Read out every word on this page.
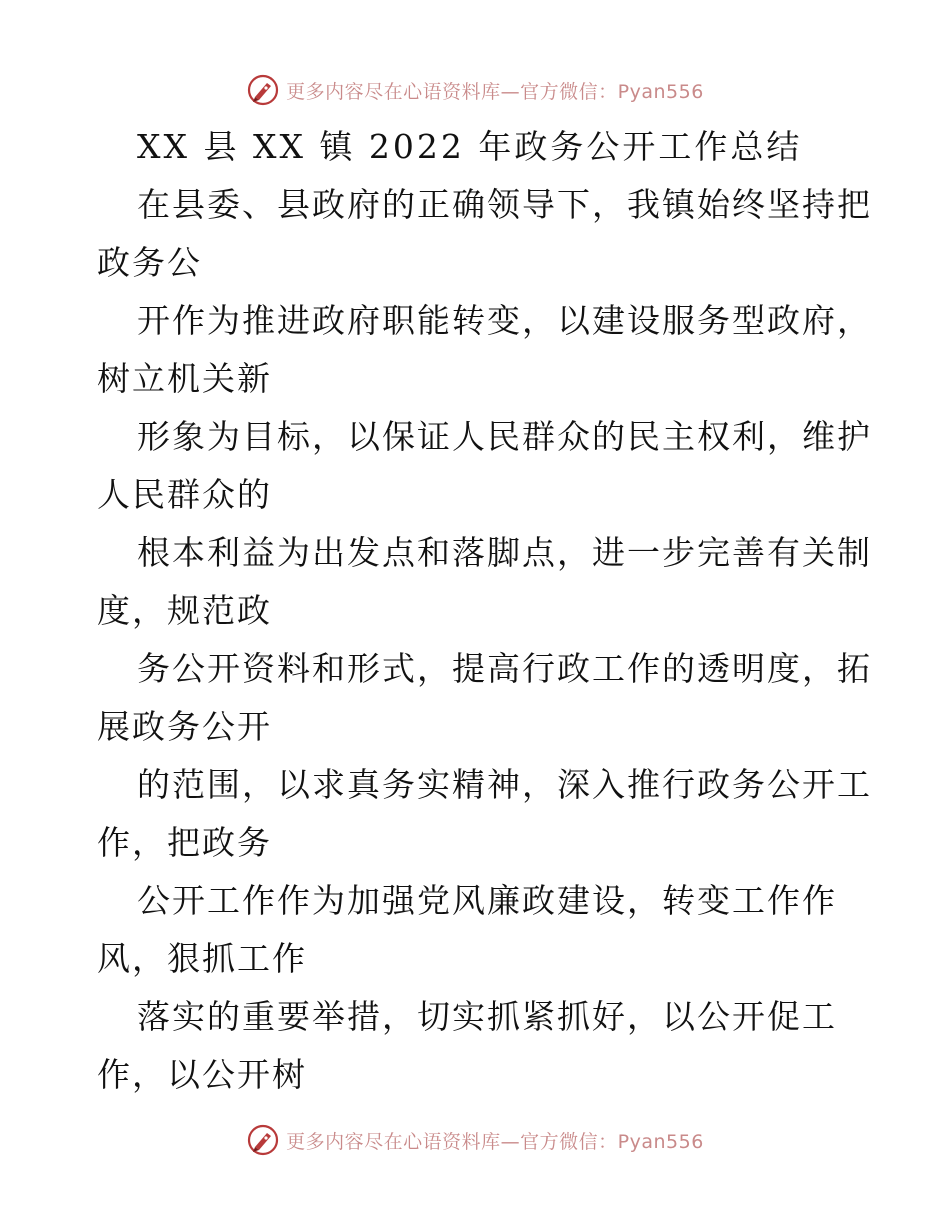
更多内容尽在心语资料库—官方微信：Pyan556

XX 县 XX 镇 2022 年政务公开工作总结

在县委、县政府的正确领导下，我镇始终坚持把
政务公

开作为推进政府职能转变，以建设服务型政府，
树立机关新

形象为目标，以保证人民群众的民主权利，维护
人民群众的

根本利益为出发点和落脚点，进一步完善有关制
度，规范政

务公开资料和形式，提高行政工作的透明度，拓
展政务公开

的范围，以求真务实精神，深入推行政务公开工
作，把政务

公开工作作为加强党风廉政建设，转变工作作
风，狠抓工作

落实的重要举措，切实抓紧抓好，以公开促工
作，以公开树

更多内容尽在心语资料库—官方微信：Pyan556
